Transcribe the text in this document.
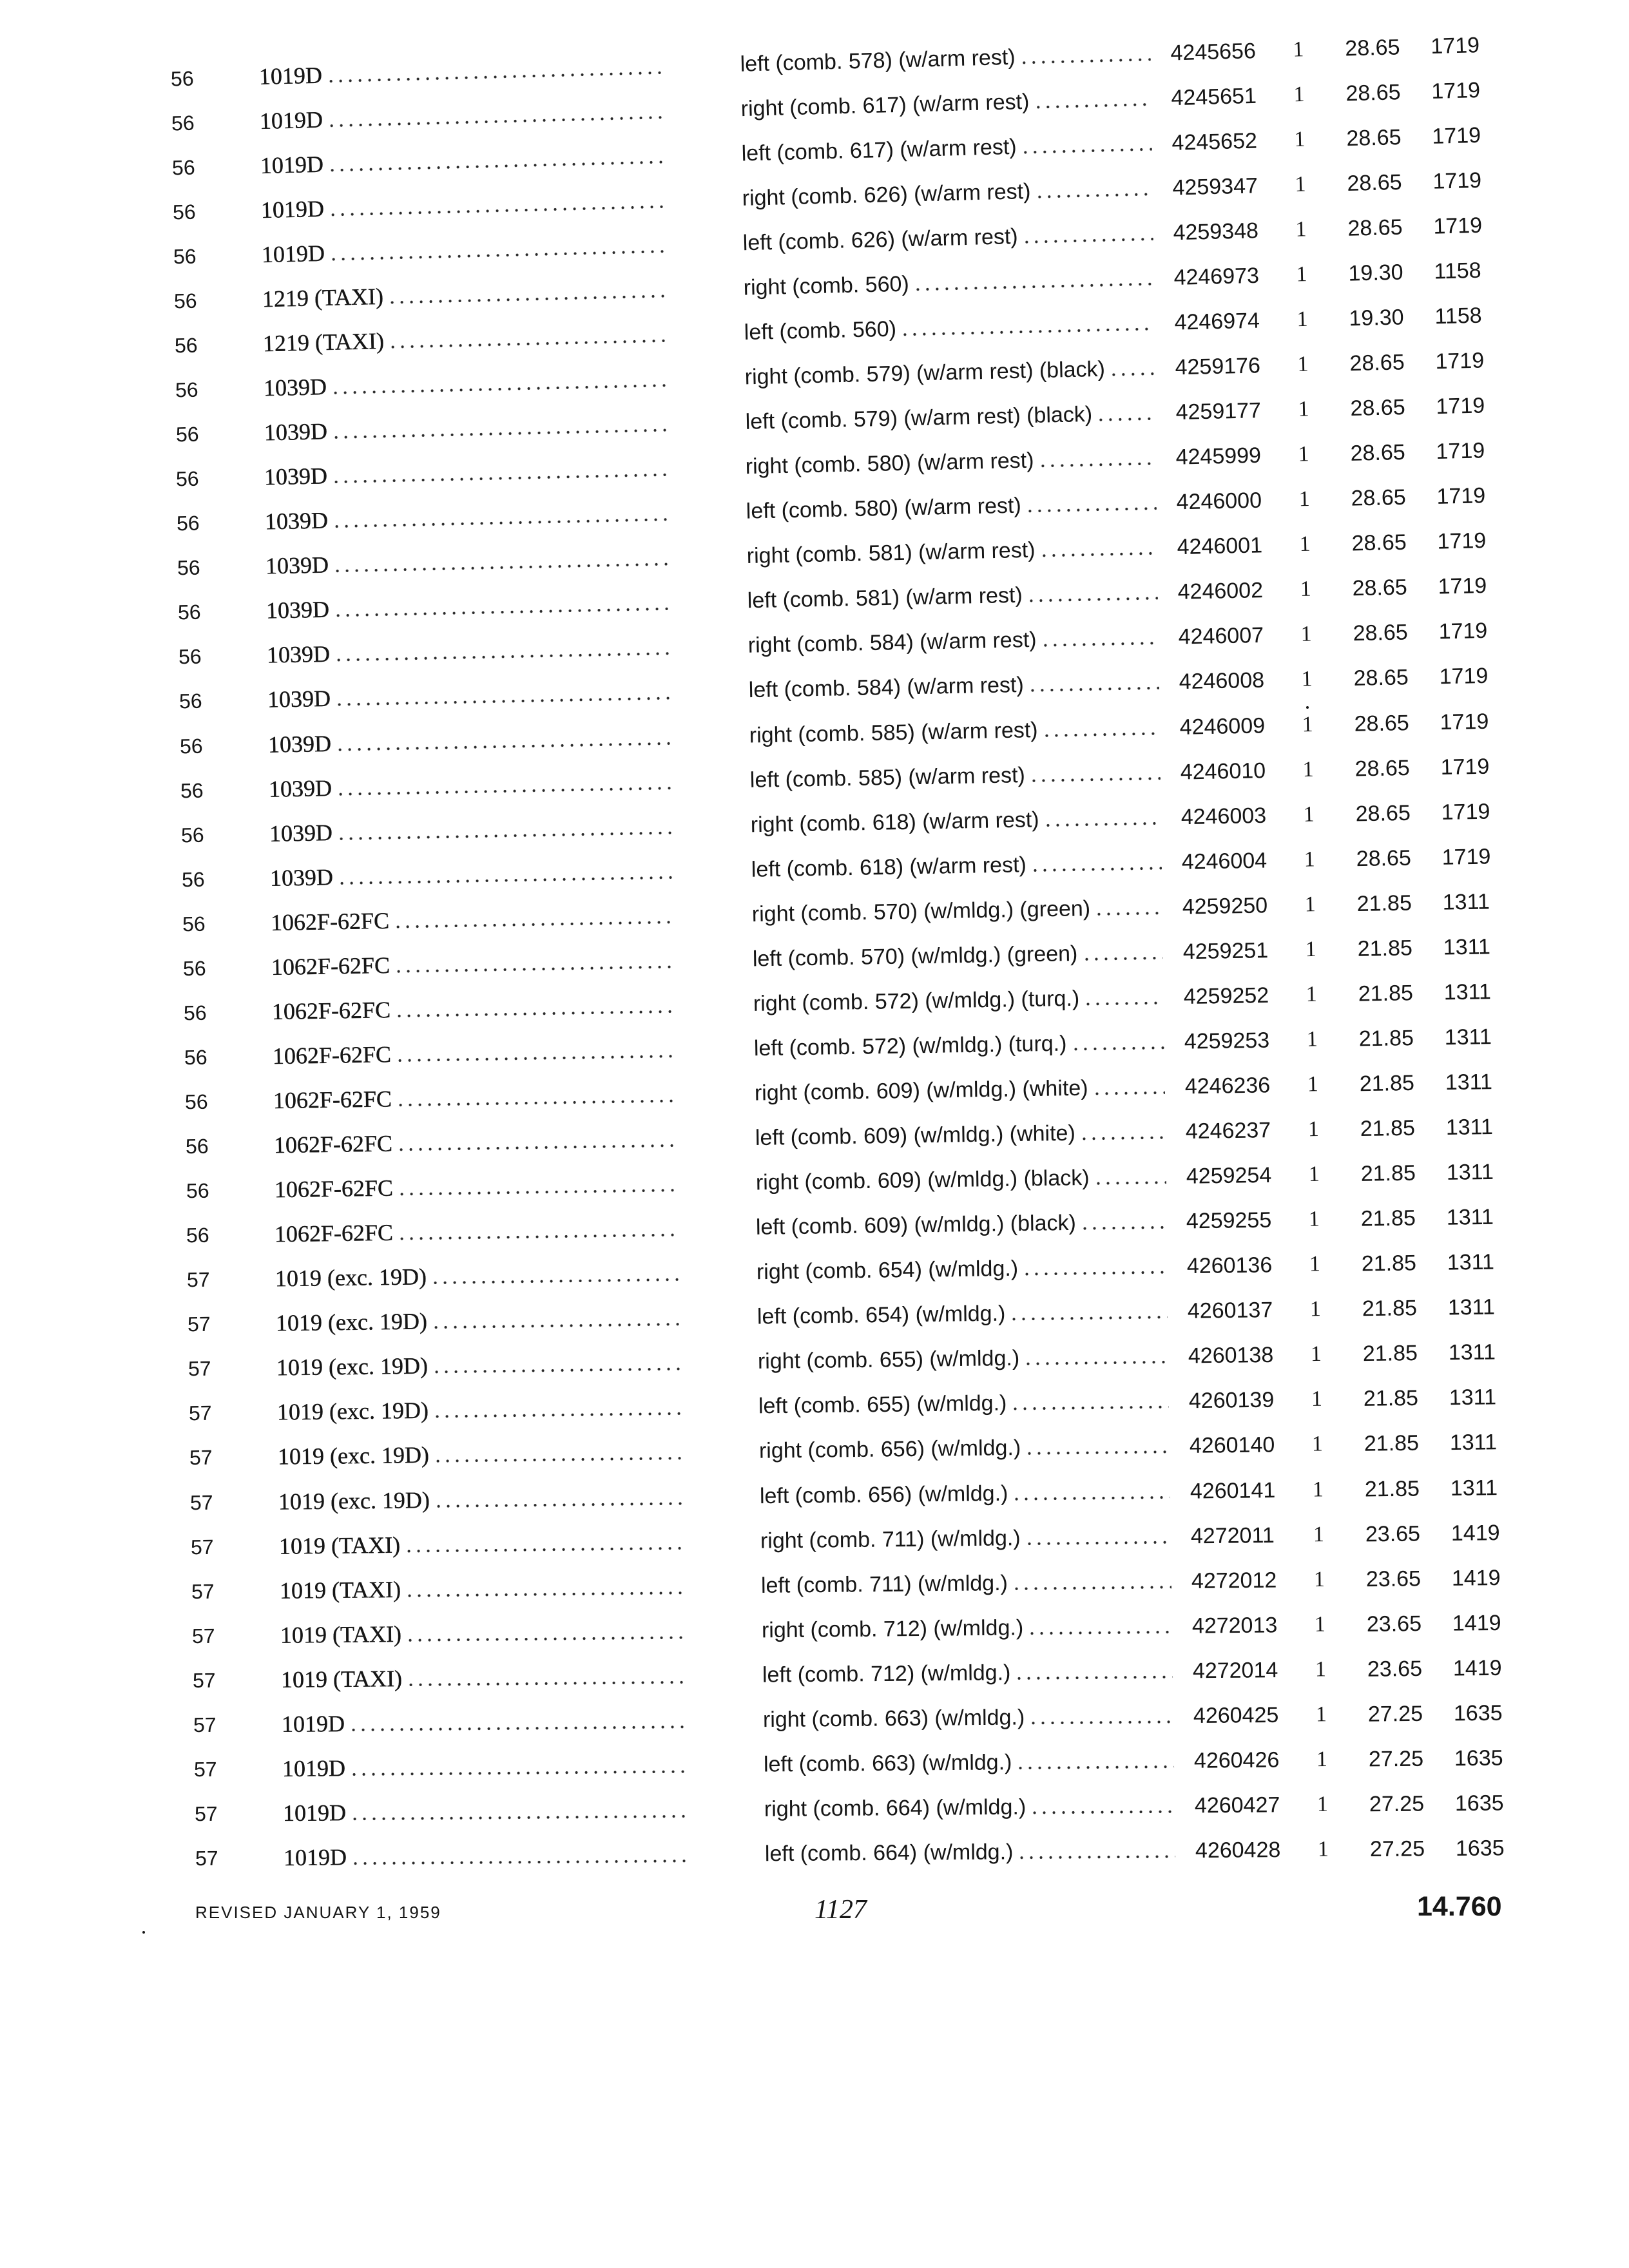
56	1019D	left (comb. 578) (w/arm rest)	4245656 1 28.65 1719
56	1019D	right (comb. 617) (w/arm rest)	4245651 1 28.65 1719
56	1019D	left (comb. 617) (w/arm rest)	4245652 1 28.65 1719
56	1019D	right (comb. 626) (w/arm rest)	4259347 1 28.65 1719
56	1019D	left (comb. 626) (w/arm rest)	4259348 1 28.65 1719
56	1219 (TAXI)	right (comb. 560)	4246973 1 19.30 1158
56	1219 (TAXI)	left (comb. 560)	4246974 1 19.30 1158
56	1039D	right (comb. 579) (w/arm rest) (black)	4259176 1 28.65 1719
56	1039D	left (comb. 579) (w/arm rest) (black)	4259177 1 28.65 1719
56	1039D	right (comb. 580) (w/arm rest)	4245999 1 28.65 1719
56	1039D	left (comb. 580) (w/arm rest)	4246000 1 28.65 1719
56	1039D	right (comb. 581) (w/arm rest)	4246001 1 28.65 1719
56	1039D	left (comb. 581) (w/arm rest)	4246002 1 28.65 1719
56	1039D	right (comb. 584) (w/arm rest)	4246007 1 28.65 1719
56	1039D	left (comb. 584) (w/arm rest)	4246008 1 28.65 1719
56	1039D	right (comb. 585) (w/arm rest)	4246009 1 28.65 1719
56	1039D	left (comb. 585) (w/arm rest)	4246010 1 28.65 1719
56	1039D	right (comb. 618) (w/arm rest)	4246003 1 28.65 1719
56	1039D	left (comb. 618) (w/arm rest)	4246004 1 28.65 1719
56	1062F-62FC	right (comb. 570) (w/mldg.) (green)	4259250 1 21.85 1311
56	1062F-62FC	left (comb. 570) (w/mldg.) (green)	4259251 1 21.85 1311
56	1062F-62FC	right (comb. 572) (w/mldg.) (turq.)	4259252 1 21.85 1311
56	1062F-62FC	left (comb. 572) (w/mldg.) (turq.)	4259253 1 21.85 1311
56	1062F-62FC	right (comb. 609) (w/mldg.) (white)	4246236 1 21.85 1311
56	1062F-62FC	left (comb. 609) (w/mldg.) (white)	4246237 1 21.85 1311
56	1062F-62FC	right (comb. 609) (w/mldg.) (black)	4259254 1 21.85 1311
56	1062F-62FC	left (comb. 609) (w/mldg.) (black)	4259255 1 21.85 1311
57	1019 (exc. 19D)	right (comb. 654) (w/mldg.)	4260136 1 21.85 1311
57	1019 (exc. 19D)	left (comb. 654) (w/mldg.)	4260137 1 21.85 1311
57	1019 (exc. 19D)	right (comb. 655) (w/mldg.)	4260138 1 21.85 1311
57	1019 (exc. 19D)	left (comb. 655) (w/mldg.)	4260139 1 21.85 1311
57	1019 (exc. 19D)	right (comb. 656) (w/mldg.)	4260140 1 21.85 1311
57	1019 (exc. 19D)	left (comb. 656) (w/mldg.)	4260141 1 21.85 1311
57	1019 (TAXI)	right (comb. 711) (w/mldg.)	4272011 1 23.65 1419
57	1019 (TAXI)	left (comb. 711) (w/mldg.)	4272012 1 23.65 1419
57	1019 (TAXI)	right (comb. 712) (w/mldg.)	4272013 1 23.65 1419
57	1019 (TAXI)	left (comb. 712) (w/mldg.)	4272014 1 23.65 1419
57	1019D	right (comb. 663) (w/mldg.)	4260425 1 27.25 1635
57	1019D	left (comb. 663) (w/mldg.)	4260426 1 27.25 1635
57	1019D	right (comb. 664) (w/mldg.)	4260427 1 27.25 1635
57	1019D	left (comb. 664) (w/mldg.)	4260428 1 27.25 1635
REVISED JANUARY 1, 1959	1127	14.760
